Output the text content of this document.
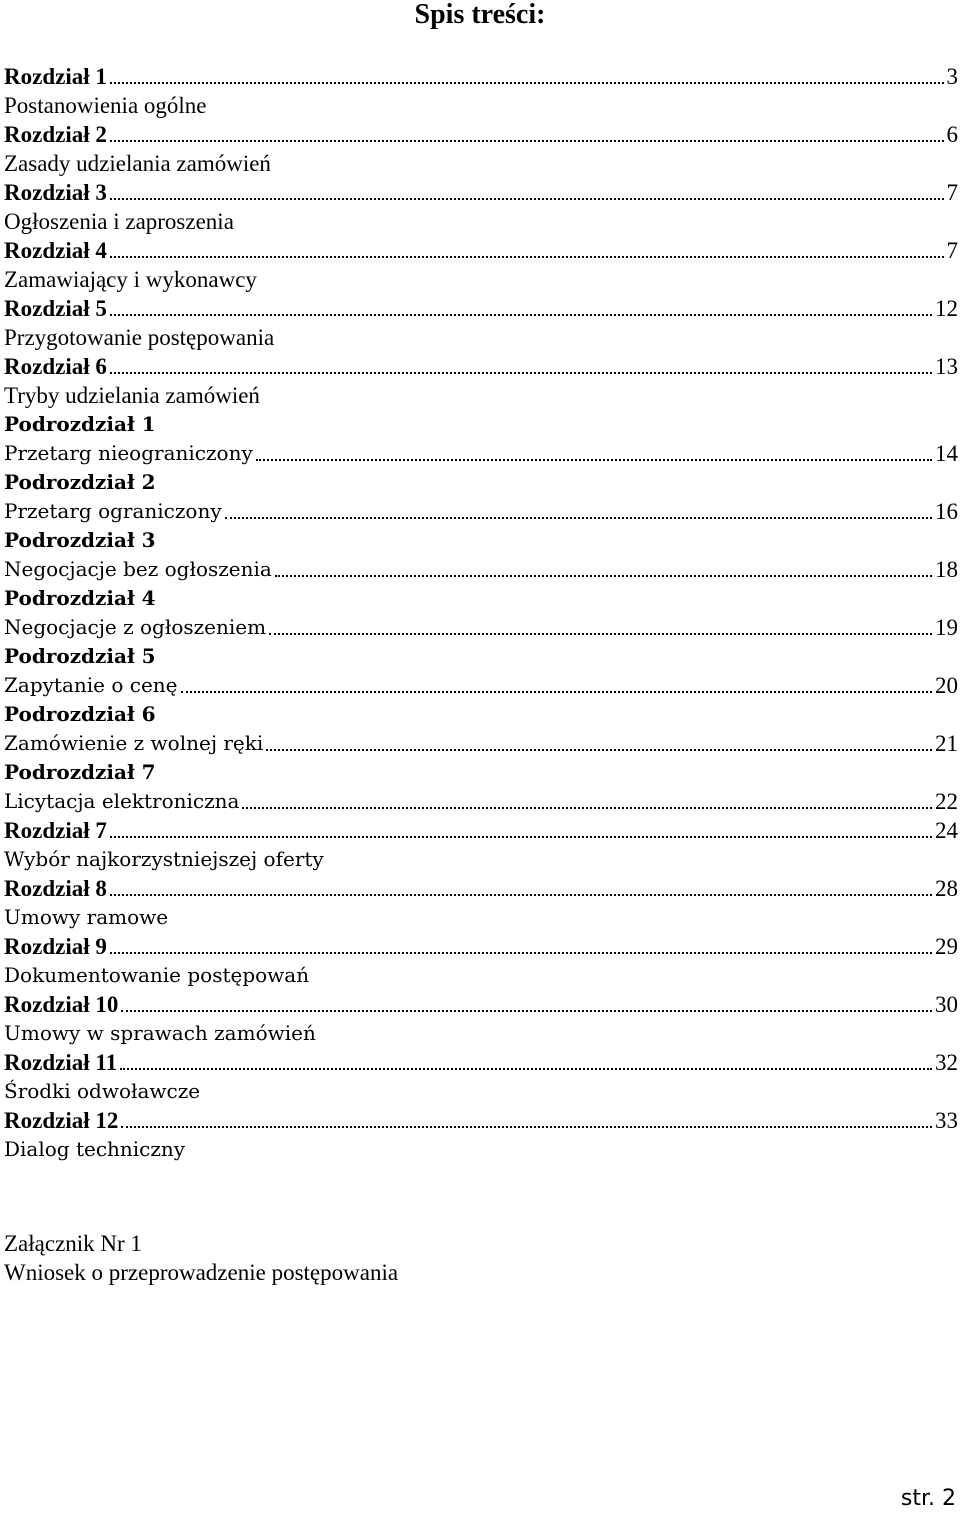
Spis treści:
Rozdział 1	3
Postanowienia ogólne
Rozdział 2	6
Zasady udzielania zamówień
Rozdział 3	7
Ogłoszenia i zaproszenia
Rozdział 4	7
Zamawiający i wykonawcy
Rozdział 5	12
Przygotowanie postępowania
Rozdział 6	13
Tryby udzielania zamówień
Podrozdział 1
Przetarg nieograniczony	14
Podrozdział 2
Przetarg ograniczony	16
Podrozdział 3
Negocjacje bez ogłoszenia	18
Podrozdział 4
Negocjacje z ogłoszeniem	19
Podrozdział 5
Zapytanie o cenę	20
Podrozdział 6
Zamówienie z wolnej ręki	21
Podrozdział 7
Licytacja elektroniczna	22
Rozdział 7	24
Wybór najkorzystniejszej oferty
Rozdział 8	28
Umowy ramowe
Rozdział 9	29
Dokumentowanie postępowań
Rozdział 10	30
Umowy w sprawach zamówień
Rozdział 11	32
Środki odwoławcze
Rozdział 12	33
Dialog techniczny
Załącznik Nr 1
Wniosek o przeprowadzenie postępowania
str. 2
